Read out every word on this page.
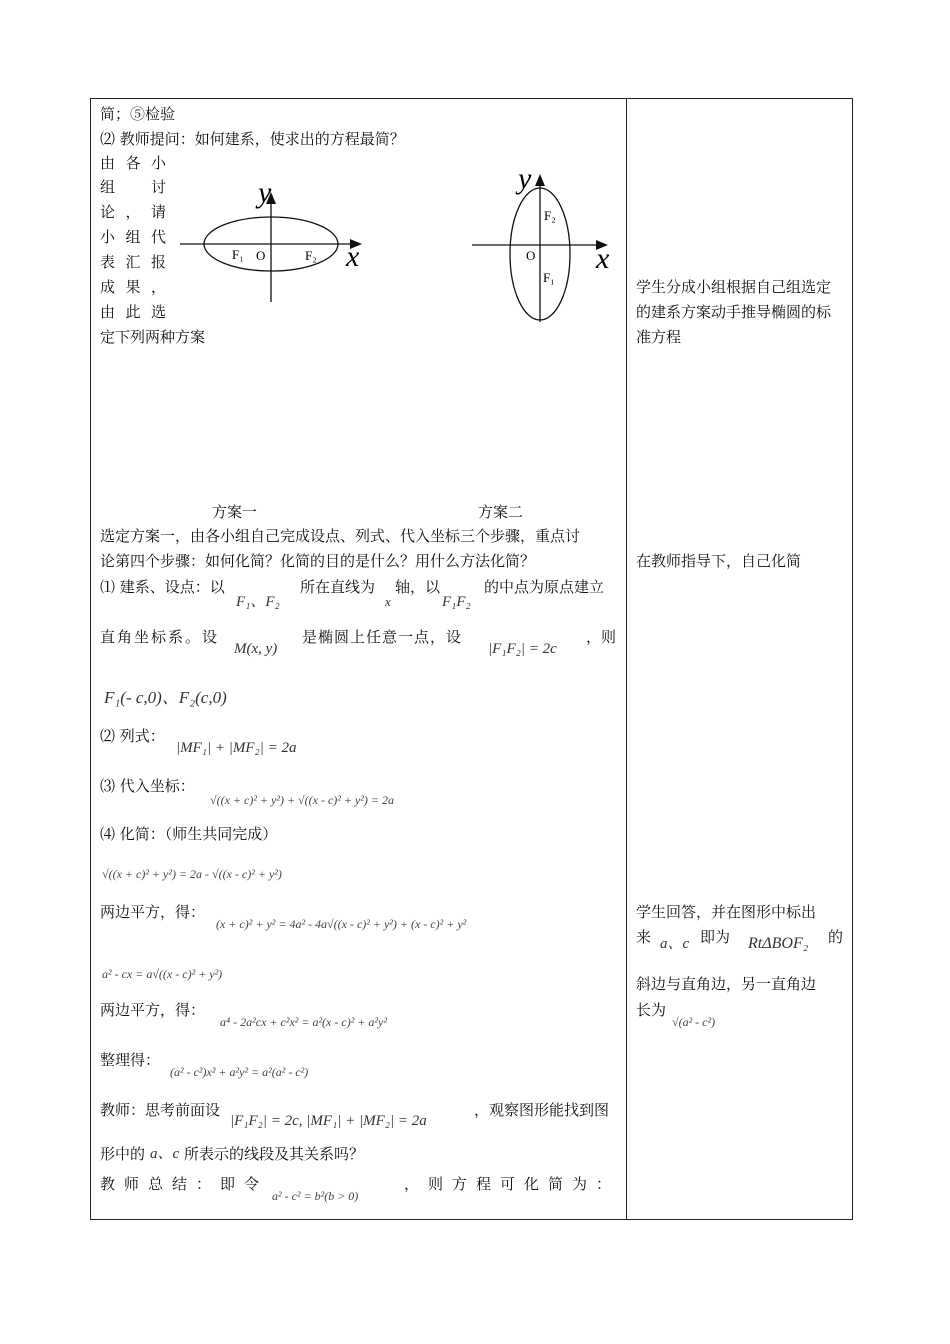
简；⑤检验
⑵ 教师提问：如何建系，使求出的方程最简？
由 各 小
组 讨
论 ， 请
小 组 代
表 汇 报
成 果 ，
由 此 选
定下列两种方案
y
x
O
F₁	F₂
y
x
O
F₂
F₁
方案一	方案二
选定方案一，由各小组自己完成设点、列式、代入坐标三个步骤，重点讨
论第四个步骤：如何化简？化简的目的是什么？用什么方法化简？
⑴ 建系、设点：以
F₁、F₂
所在直线为
x
轴，以
F₁F₂
的中点为原点建立
直角坐标系。设
M(x, y)
是椭圆上任意一点，设
|F₁F₂| = 2c
，则
F₁(- c,0)、F₂(c,0)
⑵ 列式：
|MF₁| + |MF₂| = 2a
⑶ 代入坐标：
√((x + c)² + y²) + √((x - c)² + y²) = 2a
⑷ 化简：（师生共同完成）
√((x + c)² + y²) = 2a - √((x - c)² + y²)
两边平方，得：
(x + c)² + y² = 4a² - 4a√((x - c)² + y²) + (x - c)² + y²
a² - cx = a√((x - c)² + y²)
两边平方，得：
a⁴ - 2a²cx + c²x² = a²(x - c)² + a²y²
整理得：
(a² - c²)x² + a²y² = a²(a² - c²)
教师：思考前面设
|F₁F₂| = 2c, |MF₁| + |MF₂| = 2a
，观察图形能找到图
形中的 a、c 所表示的线段及其关系吗？
教师总结：即令
a² - c² = b²(b > 0)
，则方程可化简为：
学生分成小组根据自己组选定
的建系方案动手推导椭圆的标
准方程
在教师指导下，自己化简
学生回答，并在图形中标出
来 a、c 即为 RtΔBOF₂ 的
斜边与直角边，另一直角边
长为
√(a² - c²)
